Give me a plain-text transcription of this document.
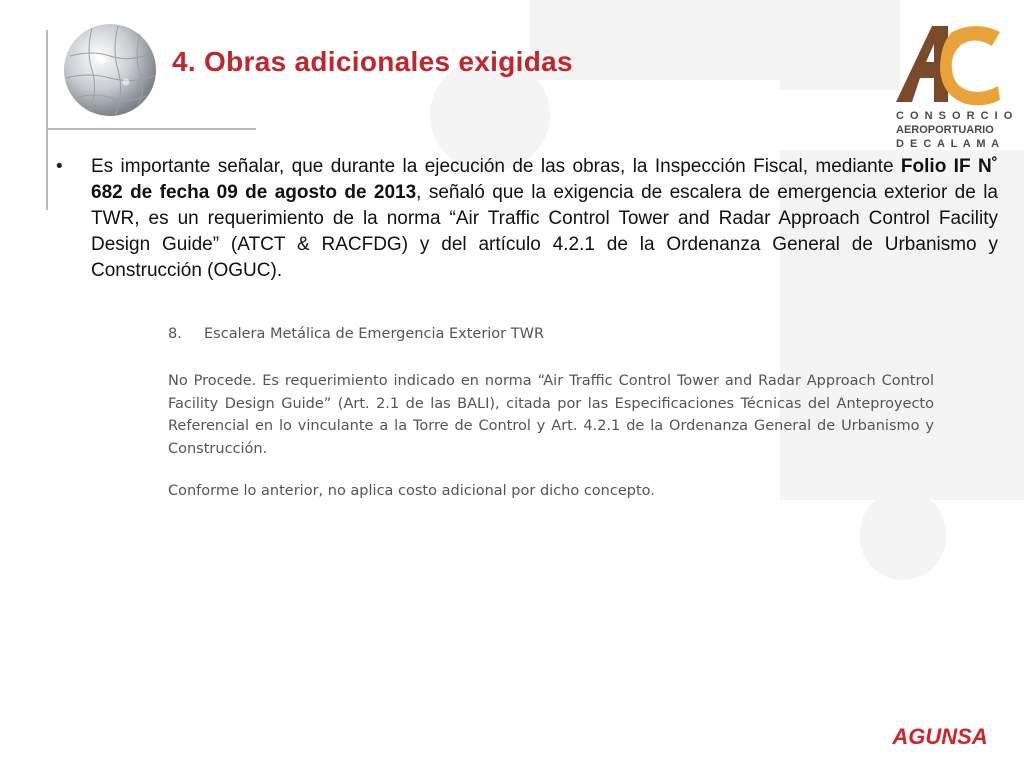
4. Obras adicionales exigidas
C O N S O R C I O
AEROPORTUARIO
D E C A L A M A
• Es importante señalar, que durante la ejecución de las obras, la Inspección Fiscal, mediante Folio IF N˚ 682 de fecha 09 de agosto de 2013, señaló que la exigencia de escalera de emergencia exterior de la TWR, es un requerimiento de la norma “Air Traffic Control Tower and Radar Approach Control Facility Design Guide” (ATCT & RACFDG) y del artículo 4.2.1 de la Ordenanza General de Urbanismo y Construcción (OGUC).
8. Escalera Metálica de Emergencia Exterior TWR
No Procede. Es requerimiento indicado en norma “Air Traffic Control Tower and Radar Approach Control Facility Design Guide” (Art. 2.1 de las BALI), citada por las Especificaciones Técnicas del Anteproyecto Referencial en lo vinculante a la Torre de Control y Art. 4.2.1 de la Ordenanza General de Urbanismo y Construcción.
Conforme lo anterior, no aplica costo adicional por dicho concepto.
AGUNSA
